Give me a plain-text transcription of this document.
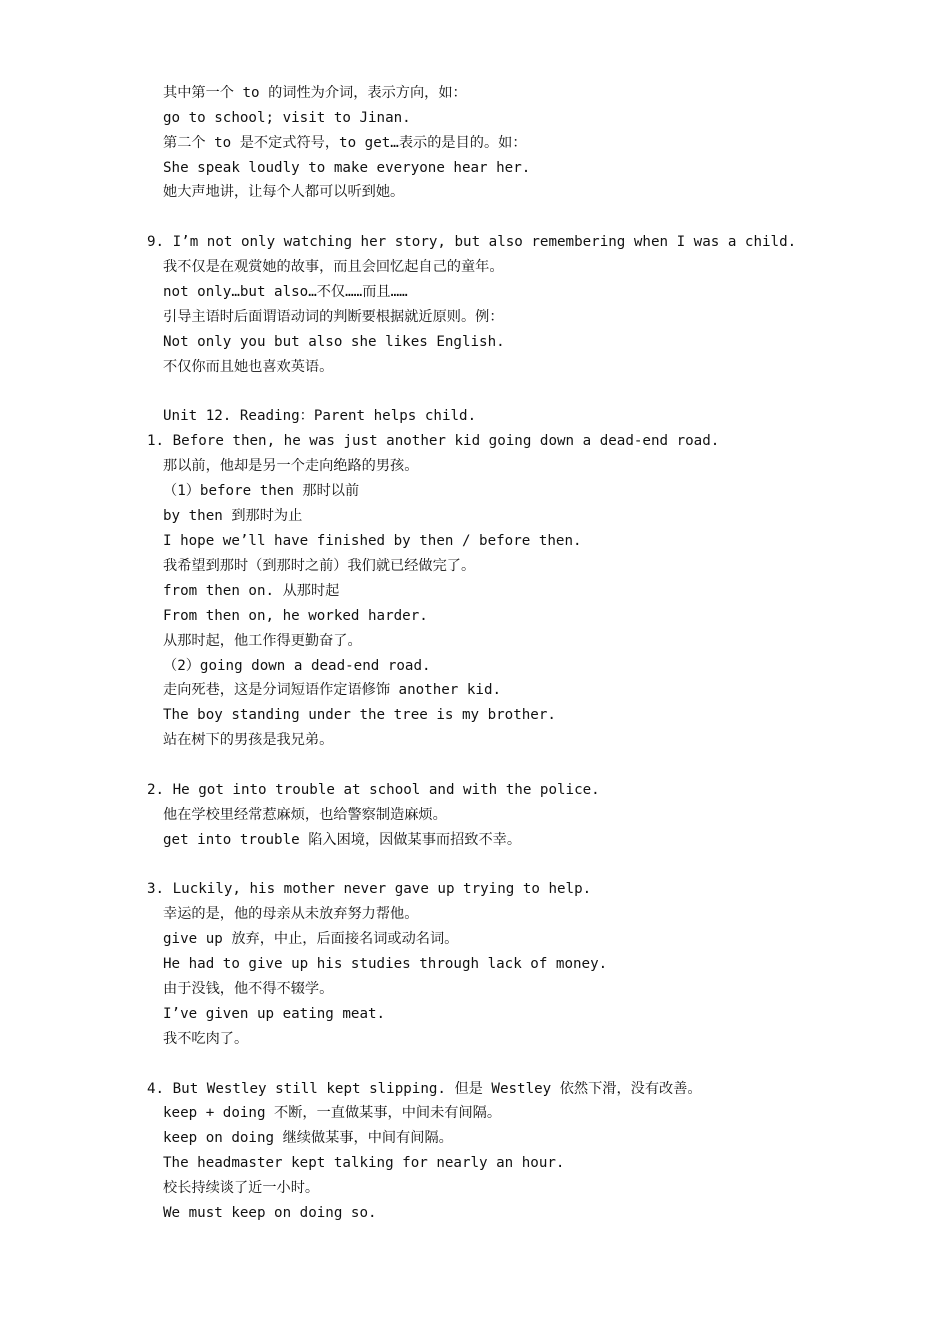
其中第一个 to 的词性为介词，表示方向，如：
go to school; visit to Jinan.
第二个 to 是不定式符号，to get…表示的是目的。如：
She speak loudly to make everyone hear her.
她大声地讲，让每个人都可以听到她。
9. I’m not only watching her story, but also remembering when I was a child.
我不仅是在观赏她的故事，而且会回忆起自己的童年。
not only…but also…不仅……而且……
引导主语时后面谓语动词的判断要根据就近原则。例：
Not only you but also she likes English.
不仅你而且她也喜欢英语。
Unit 12. Reading：Parent helps child.
1. Before then, he was just another kid going down a dead-end road.
那以前，他却是另一个走向绝路的男孩。
（1）before then 那时以前
by then 到那时为止
I hope we’ll have finished by then / before then.
我希望到那时（到那时之前）我们就已经做完了。
from then on. 从那时起
From then on, he worked harder.
从那时起，他工作得更勤奋了。
（2）going down a dead-end road.
走向死巷，这是分词短语作定语修饰 another kid.
The boy standing under the tree is my brother.
站在树下的男孩是我兄弟。
2. He got into trouble at school and with the police.
他在学校里经常惹麻烦，也给警察制造麻烦。
get into trouble 陷入困境，因做某事而招致不幸。
3. Luckily, his mother never gave up trying to help.
幸运的是，他的母亲从未放弃努力帮他。
give up 放弃，中止，后面接名词或动名词。
He had to give up his studies through lack of money.
由于没钱，他不得不辍学。
I’ve given up eating meat.
我不吃肉了。
4. But Westley still kept slipping. 但是 Westley 依然下滑，没有改善。
keep + doing 不断，一直做某事，中间未有间隔。
keep on doing 继续做某事，中间有间隔。
The headmaster kept talking for nearly an hour.
校长持续谈了近一小时。
We must keep on doing so.
